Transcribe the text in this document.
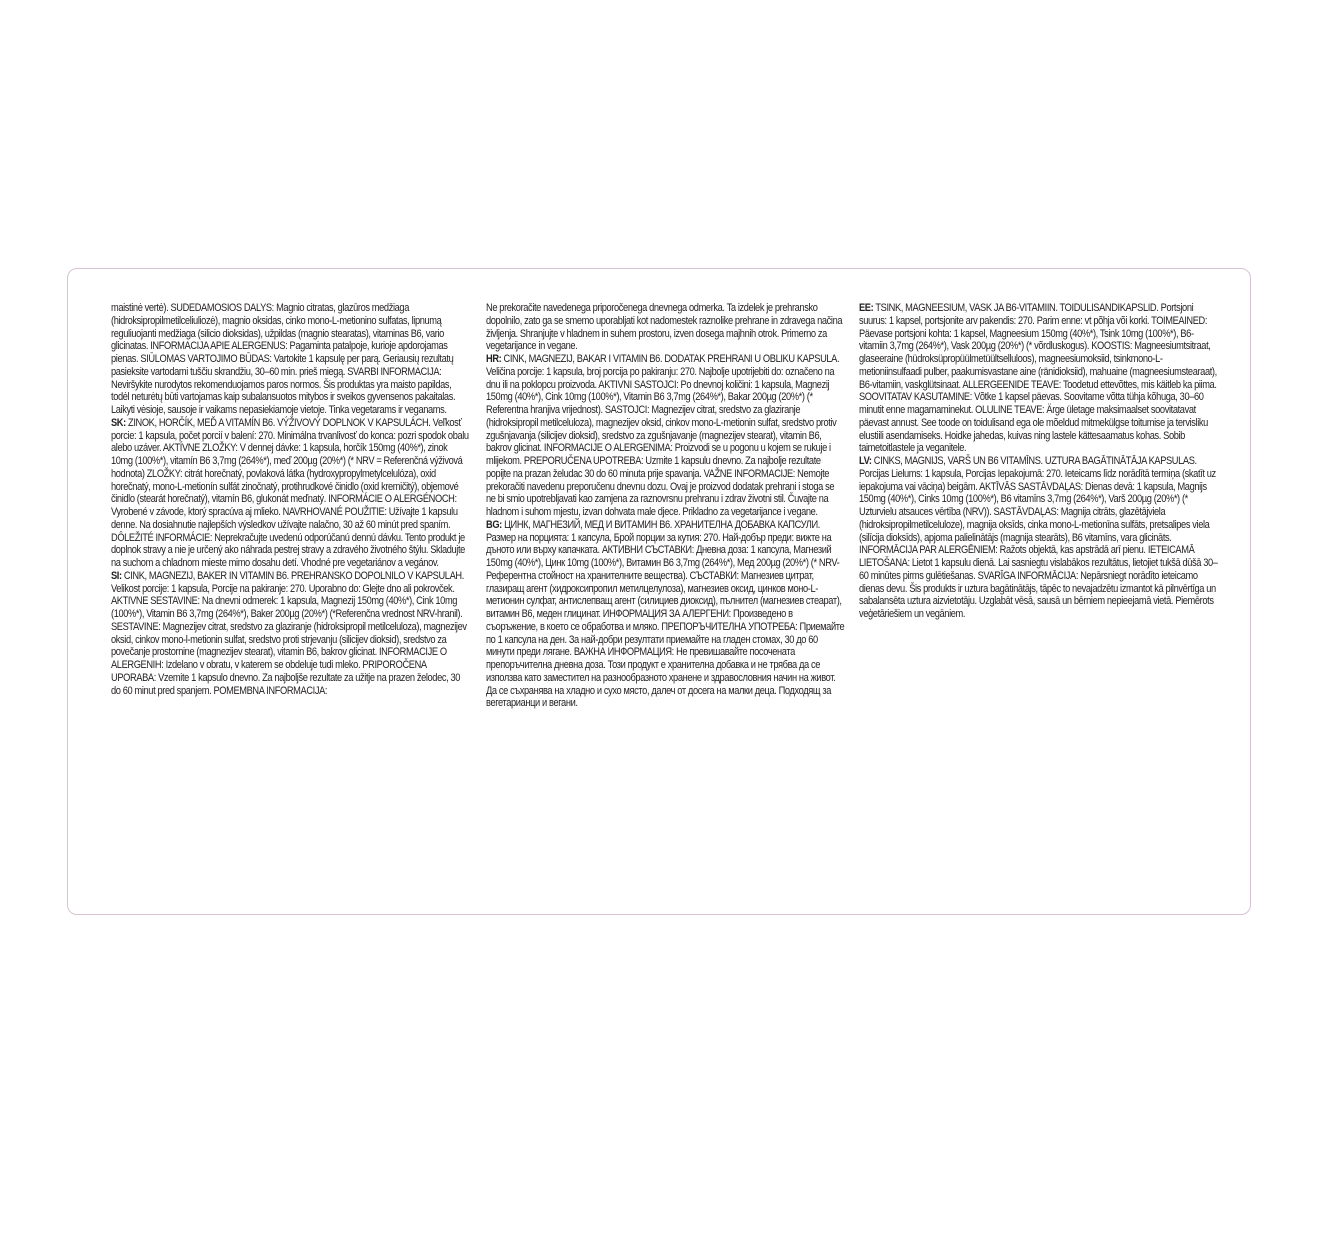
maistinė vertė). SUDEDAMOSIOS DALYS: Magnio citratas, glazūros medžiaga (hidroksipropilmetilceliuliozė), magnio oksidas, cinko mono-L-metionino sulfatas, lipnumą reguliuojanti medžiaga (silicio dioksidas), užpildas (magnio stearatas), vitaminas B6, vario glicinatas. INFORMACIJA APIE ALERGENUS: Pagaminta patalpoje, kurioje apdorojamas pienas. SIŪLOMAS VARTOJIMO BŪDAS: Vartokite 1 kapsulę per parą. Geriausių rezultatų pasieksite vartodami tuščiu skrandžiu, 30–60 min. prieš miegą. SVARBI INFORMACIJA: Neviršykite nurodytos rekomenduojamos paros normos. Šis produktas yra maisto papildas, todėl neturėtų būti vartojamas kaip subalansuotos mitybos ir sveikos gyvensenos pakaitalas. Laikyti vėsioje, sausoje ir vaikams nepasiekiamoje vietoje. Tinka vegetarams ir veganams.

SK: ZINOK, HORČÍK, MEĎ A VITAMÍN B6. VÝŽIVOVÝ DOPLNOK V KAPSULÁCH. Veľkosť porcie: 1 kapsula, počet porcií v balení: 270. Minimálna trvanlivosť do konca: pozri spodok obalu alebo uzáver. AKTÍVNE ZLOŽKY: V dennej dávke: 1 kapsula, horčík 150mg (40%*), zinok 10mg (100%*), vitamín B6 3,7mg (264%*), meď 200µg (20%*) (* NRV = Referenčná výživová hodnota) ZLOŽKY: citrát horečnatý, povlaková látka (hydroxypropylmetylcelulóza), oxid horečnatý, mono-L-metionín sulfát zinočnatý, protihrudkové činidlo (oxid kremičitý), objemové činidlo (stearát horečnatý), vitamín B6, glukonát meďnatý. INFORMÁCIE O ALERGÉNOCH: Vyrobené v závode, ktorý spracúva aj mlieko. NAVRHOVANÉ POUŽITIE: Užívajte 1 kapsulu denne. Na dosiahnutie najlepších výsledkov užívajte nalačno, 30 až 60 minút pred spaním. DÔLEŽITÉ INFORMÁCIE: Neprekračujte uvedenú odporúčanú dennú dávku. Tento produkt je doplnok stravy a nie je určený ako náhrada pestrej stravy a zdravého životného štýlu. Skladujte na suchom a chladnom mieste mimo dosahu detí. Vhodné pre vegetariánov a vegánov.

SI: CINK, MAGNEZIJ, BAKER IN VITAMIN B6. PREHRANSKO DOPOLNILO V KAPSULAH. Velikost porcije: 1 kapsula, Porcije na pakiranje: 270. Uporabno do: Glejte dno ali pokrovček. AKTIVNE SESTAVINE: Na dnevni odmerek: 1 kapsula, Magnezij 150mg (40%*), Cink 10mg (100%*), Vitamin B6 3,7mg (264%*), Baker 200µg (20%*) (*Referenčna vrednost NRV-hranil). SESTAVINE: Magnezijev citrat, sredstvo za glaziranje (hidroksipropil metilceluloza), magnezijev oksid, cinkov mono-l-metionin sulfat, sredstvo proti strjevanju (silicijev dioksid), sredstvo za povečanje prostornine (magnezijev stearat), vitamin B6, bakrov glicinat. INFORMACIJE O ALERGENIH: Izdelano v obratu, v katerem se obdeluje tudi mleko. PRIPOROČENA UPORABA: Vzemite 1 kapsulo dnevno. Za najboljše rezultate za užitje na prazen želodec, 30 do 60 minut pred spanjem. POMEMBNA INFORMACIJA:

Ne prekoračite navedenega priporočenega dnevnega odmerka. Ta izdelek je prehransko dopolnilo, zato ga se smemo uporabljati kot nadomestek raznolike prehrane in zdravega načina življenja. Shranjujte v hladnem in suhem prostoru, izven dosega majhnih otrok. Primerno za vegetarijance in vegane.

HR: CINK, MAGNEZIJ, BAKAR I VITAMIN B6. DODATAK PREHRANI U OBLIKU KAPSULA. Veličina porcije: 1 kapsula, broj porcija po pakiranju: 270. Najbolje upotrijebiti do: označeno na dnu ili na poklopcu proizvoda. AKTIVNI SASTOJCI: Po dnevnoj količini: 1 kapsula, Magnezij 150mg (40%*), Cink 10mg (100%*), Vitamin B6 3,7mg (264%*), Bakar 200µg (20%*) (* Referentna hranjiva vrijednost). SASTOJCI: Magnezijev citrat, sredstvo za glaziranje (hidroksipropil metilceluloza), magnezijev oksid, cinkov mono-L-metionin sulfat, sredstvo protiv zgušnjavanja (silicijev dioksid), sredstvo za zgušnjavanje (magnezijev stearat), vitamin B6, bakrov glicinat. INFORMACIJE O ALERGENIMA: Proizvodi se u pogonu u kojem se rukuje i mlijekom. PREPORUČENA UPOTREBA: Uzmite 1 kapsulu dnevno. Za najbolje rezultate popijte na prazan želudac 30 do 60 minuta prije spavanja. VAŽNE INFORMACIJE: Nemojte prekoračiti navedenu preporučenu dnevnu dozu. Ovaj je proizvod dodatak prehrani i stoga se ne bi smio upotrebljavati kao zamjena za raznovrsnu prehranu i zdrav životni stil. Čuvajte na hladnom i suhom mjestu, izvan dohvata male djece. Prikladno za vegetarijance i vegane.

BG: ЦИНК, МАГНЕЗИЙ, МЕД И ВИТАМИН B6. ХРАНИТЕЛНА ДОБАВКА КАПСУЛИ. Размер на порцията: 1 капсула, Брой порции за кутия: 270. Най-добър преди: вижте на дъното или върху капачката. АКТИВНИ СЪСТАВКИ: Дневна доза: 1 капсула, Магнезий 150mg (40%*), Цинк 10mg (100%*), Витамин B6 3,7mg (264%*), Мед 200µg (20%*) (* NRV-Референтна стойност на хранителните вещества). СЪСТАВКИ: Магнезиев цитрат, глазиращ агент (хидроксипропил метилцелулоза), магнезиев оксид, цинков моно-L-метионин сулфат, антислепващ агент (силициев диоксид), пълнител (магнезиев стеарат), витамин B6, меден глицинат. ИНФОРМАЦИЯ ЗА АЛЕРГЕНИ: Произведено в съоръжение, в което се обработва и мляко. ПРЕПОРЪЧИТЕЛНА УПОТРЕБА: Приемайте по 1 капсула на ден. За най-добри резултати приемайте на гладен стомах, 30 до 60 минути преди лягане. ВАЖНА ИНФОРМАЦИЯ: Не превишавайте посочената препоръчителна дневна доза. Този продукт е хранителна добавка и не трябва да се използва като заместител на разнообразното хранене и здравословния начин на живот. Да се съхранява на хладно и сухо място, далеч от досега на малки деца. Подходящ за вегетарианци и вегани.

EE: TSINK, MAGNEESIUM, VASK JA B6-VITAMIIN. TOIDULISANDIKAPSLID. Portsjoni suurus: 1 kapsel, portsjonite arv pakendis: 270. Parim enne: vt põhja või korki. TOIMEAINED: Päevase portsjoni kohta: 1 kapsel, Magneesium 150mg (40%*), Tsink 10mg (100%*), B6-vitamiin 3,7mg (264%*), Vask 200µg (20%*) (* võrdluskogus). KOOSTIS: Magneesiumtsitraat, glaseeraine (hüdroksüpropüülmetüültselluloos), magneesiumoksiid, tsinkmono-L-metioniinsulfaadi pulber, paakumisvastane aine (ränidioksiid), mahuaine (magneesiumstearaat), B6-vitamiin, vaskglütsinaat. ALLERGEENIDE TEAVE: Toodetud ettevõttes, mis käitleb ka piima. SOOVITATAV KASUTAMINE: Võtke 1 kapsel päevas. Soovitame võtta tühja kõhuga, 30–60 minutit enne magamaminekut. OLULINE TEAVE: Ärge ületage maksimaalset soovitatavat päevast annust. See toode on toidulisand ega ole mõeldud mitmekülgse toitumise ja tervisliku elustiili asendamiseks. Hoidke jahedas, kuivas ning lastele kättesaamatus kohas. Sobib taimetoitlastele ja veganitele.

LV: CINKS, MAGNIJS, VARŠ UN B6 VITAMĪNS. UZTURA BAGĀTINĀTĀJA KAPSULAS. Porcijas Lielums: 1 kapsula, Porcijas Iepakojumā: 270. Ieteicams līdz norādītā termiņa (skatīt uz iepakojuma vai vāciņa) beigām. AKTĪVĀS SASTĀVDAĻAS: Dienas devā: 1 kapsula, Magnijs 150mg (40%*), Cinks 10mg (100%*), B6 vitamīns 3,7mg (264%*), Varš 200µg (20%*) (* Uzturvielu atsauces vērtība (NRV)). SASTĀVDAĻAS: Magnija citrāts, glazētājviela (hidroksipropilmetilceluloze), magnija oksīds, cinka mono-L-metionīna sulfāts, pretsalipes viela (silīcija dioksīds), apjoma palielinātājs (magnija stearāts), B6 vitamīns, vara glicināts. INFORMĀCIJA PAR ALERGĒNIEM: Ražots objektā, kas apstrādā arī pienu. IETEICAMĀ LIETOŠANA: Lietot 1 kapsulu dienā. Lai sasniegtu vislabākos rezultātus, lietojiet tukšā dūšā 30–60 minūtes pirms gulētiešanas. SVARĪGA INFORMĀCIJA: Nepārsniegt norādīto ieteicamo dienas devu. Šis produkts ir uztura bagātinātājs, tāpēc to nevajadzētu izmantot kā pilnvērtīga un sabalansēta uztura aizvietotāju. Uzglabāt vēsā, sausā un bērniem nepieejamā vietā. Piemērots veģetāriešiem un vegāniem.
